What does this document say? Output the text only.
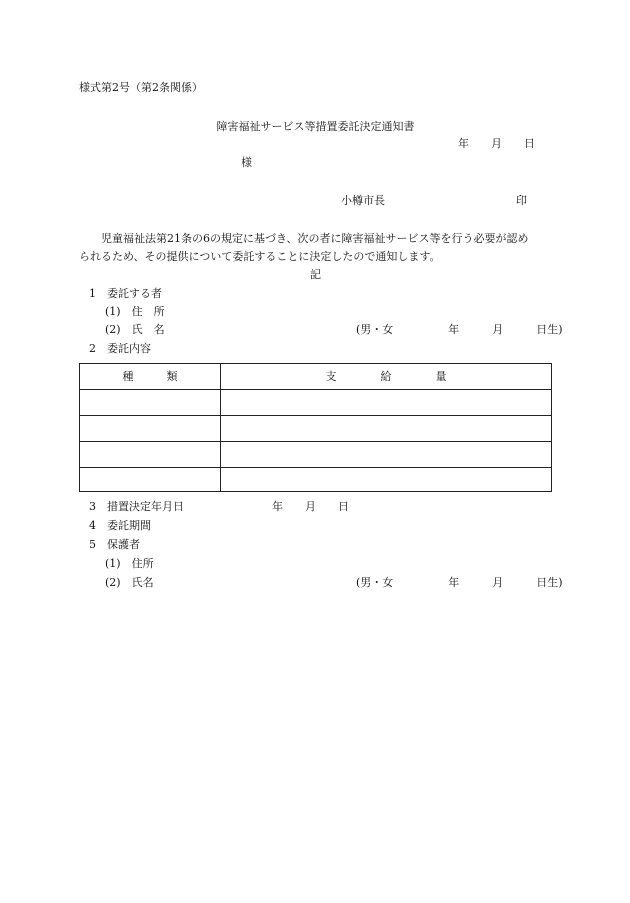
様式第2号（第2条関係）
障害福祉サービス等措置委託決定通知書
年　　月　　日
様
小樽市長	印
児童福祉法第21条の6の規定に基づき、次の者に障害福祉サービス等を行う必要が認め
られるため、その提供について委託することに決定したので通知します。
記
1　委託する者
(1)　住　所
(2)　氏　名	(男・女　　　　　年　　　月　　　日生)
2　委託内容
種　　　類	支　　　　給　　　　量
3　措置決定年月日	年　　月　　日
4　委託期間
5　保護者
(1)　住所
(2)　氏名	(男・女　　　　　年　　　月　　　日生)
